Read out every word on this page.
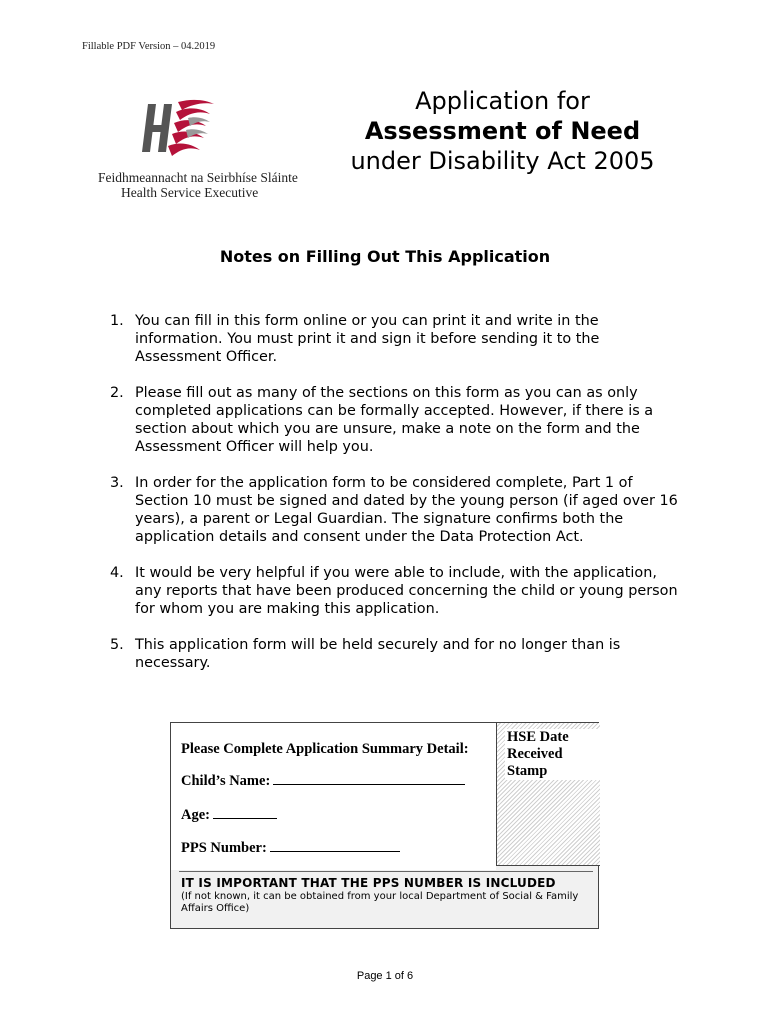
Fillable PDF Version – 04.2019
Feidhmeannacht na Seirbhíse Sláinte
Health Service Executive
Application for
Assessment of Need
under Disability Act 2005
Notes on Filling Out This Application
1. You can fill in this form online or you can print it and write in the information. You must print it and sign it before sending it to the Assessment Officer.
2. Please fill out as many of the sections on this form as you can as only completed applications can be formally accepted. However, if there is a section about which you are unsure, make a note on the form and the Assessment Officer will help you.
3. In order for the application form to be considered complete, Part 1 of Section 10 must be signed and dated by the young person (if aged over 16 years), a parent or Legal Guardian. The signature confirms both the application details and consent under the Data Protection Act.
4. It would be very helpful if you were able to include, with the application, any reports that have been produced concerning the child or young person for whom you are making this application.
5. This application form will be held securely and for no longer than is necessary.
Please Complete Application Summary Detail:
Child’s Name:
Age:
PPS Number:
HSE Date Received Stamp
IT IS IMPORTANT THAT THE PPS NUMBER IS INCLUDED
(If not known, it can be obtained from your local Department of Social & Family Affairs Office)
Page 1 of 6
